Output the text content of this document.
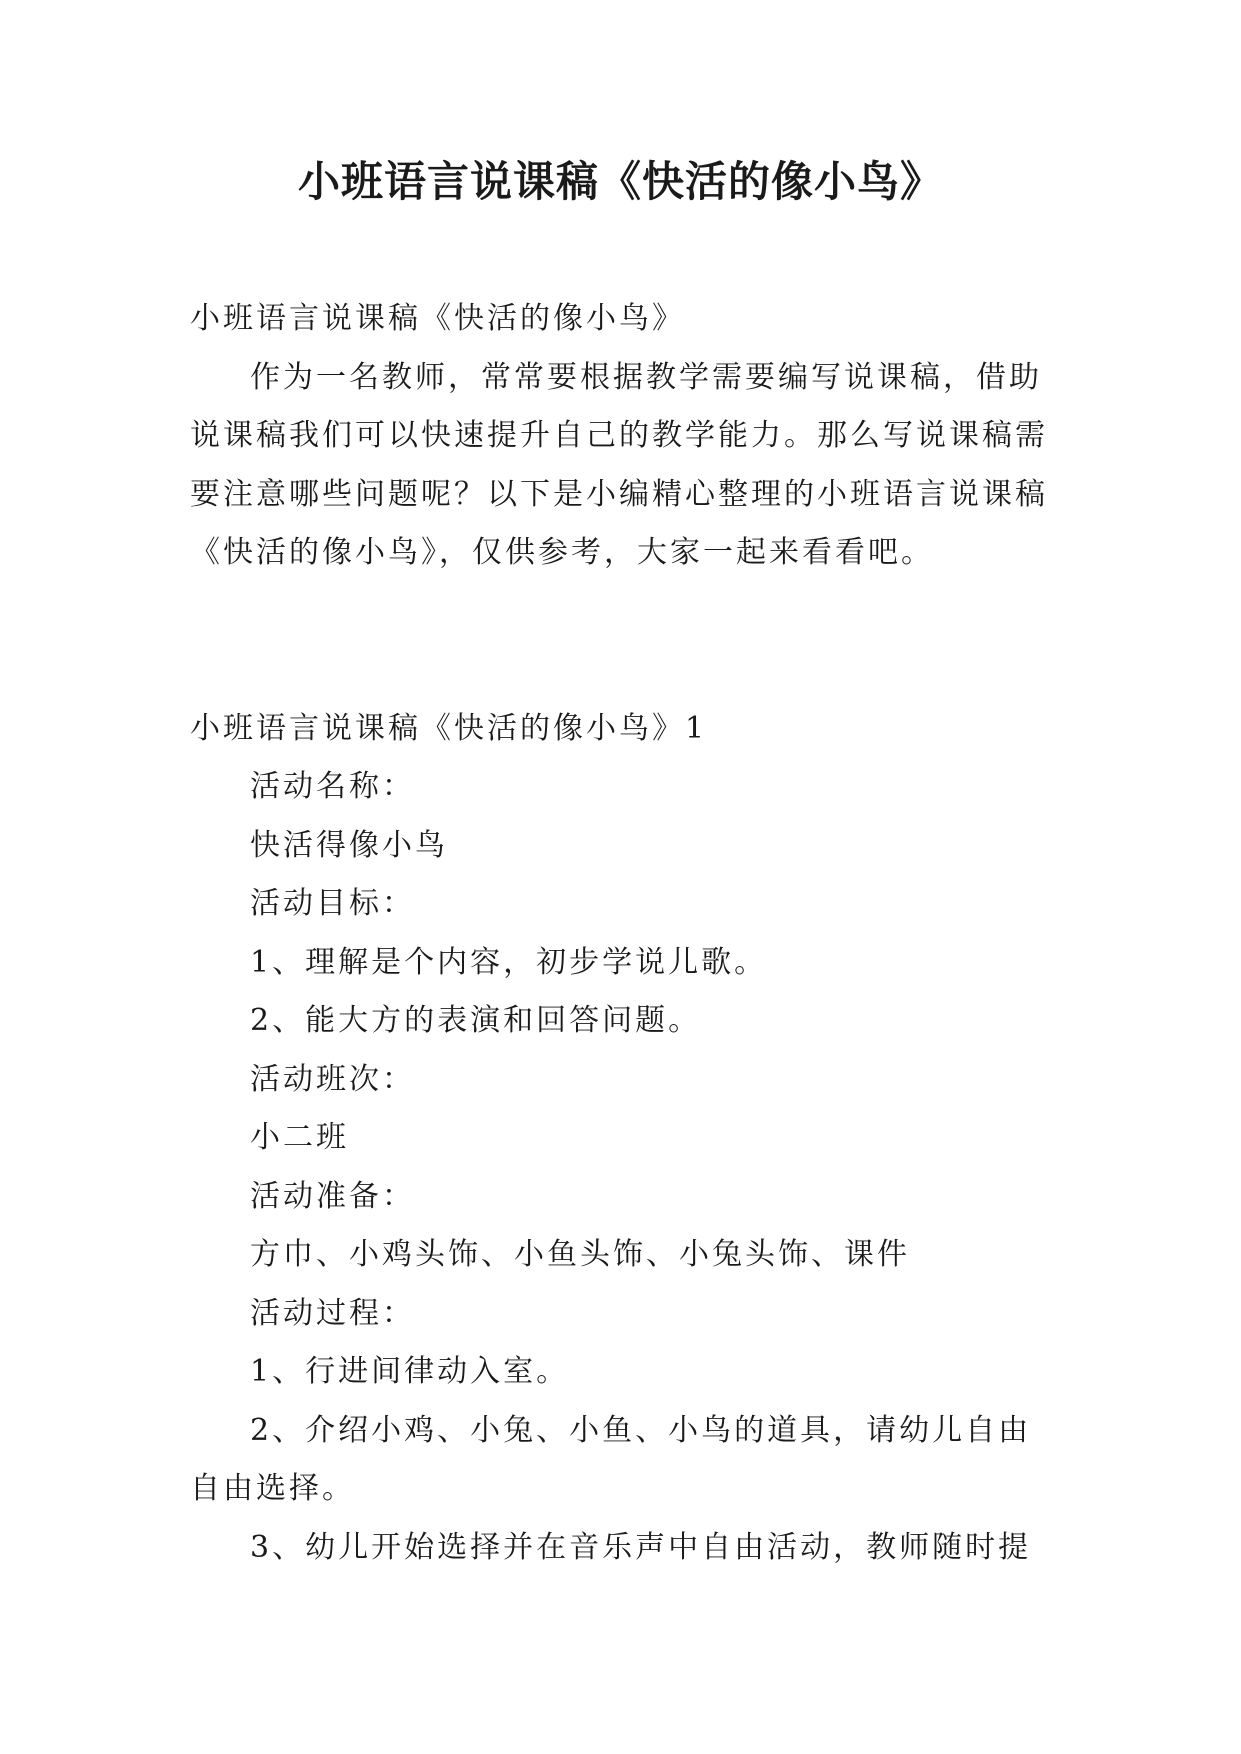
小班语言说课稿《快活的像小鸟》

小班语言说课稿《快活的像小鸟》

作为一名教师，常常要根据教学需要编写说课稿，借助说课稿我们可以快速提升自己的教学能力。那么写说课稿需要注意哪些问题呢？以下是小编精心整理的小班语言说课稿《快活的像小鸟》，仅供参考，大家一起来看看吧。

小班语言说课稿《快活的像小鸟》1

活动名称：

快活得像小鸟

活动目标：

1、理解是个内容，初步学说儿歌。

2、能大方的表演和回答问题。

活动班次：

小二班

活动准备：

方巾、小鸡头饰、小鱼头饰、小兔头饰、课件

活动过程：

1、行进间律动入室。

2、介绍小鸡、小兔、小鱼、小鸟的道具，请幼儿自由自由选择。

3、幼儿开始选择并在音乐声中自由活动，教师随时提
